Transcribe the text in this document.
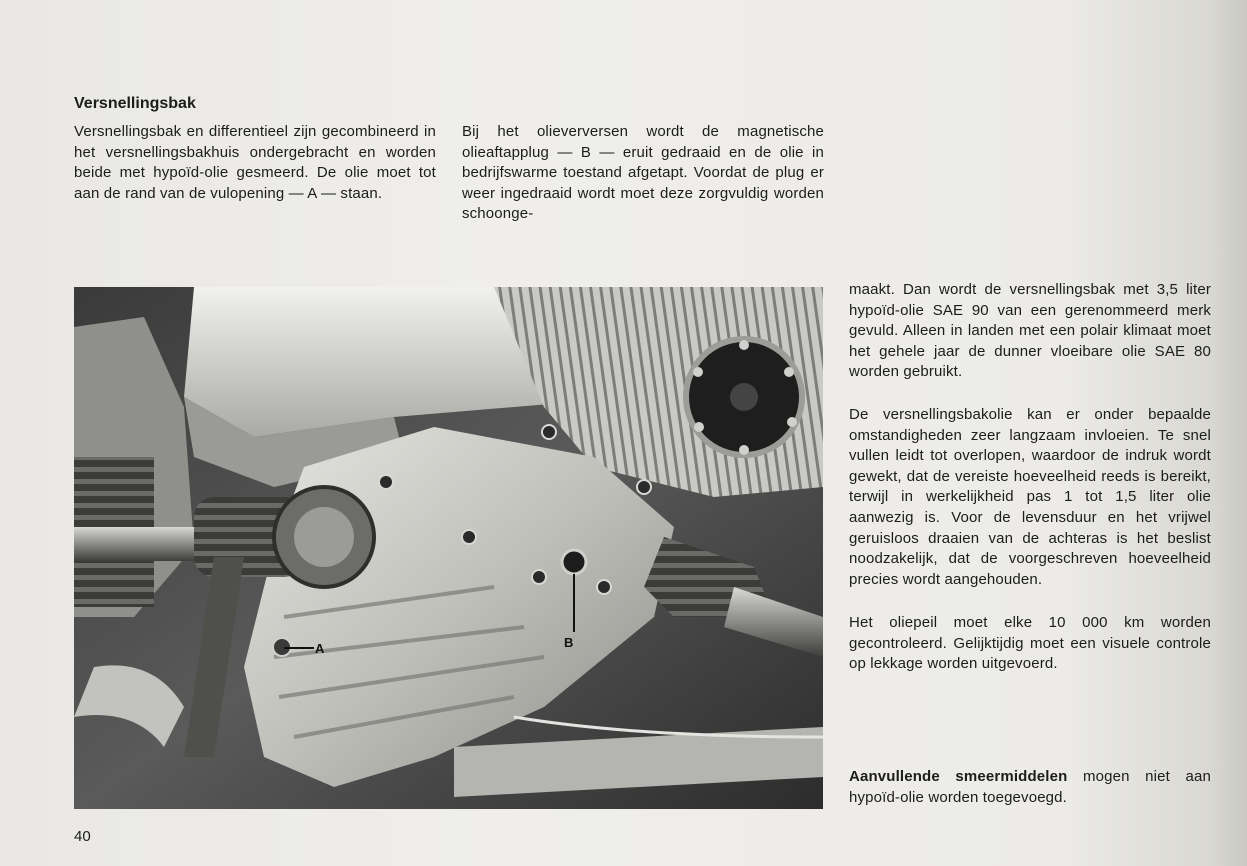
Versnellingsbak

Versnellingsbak en differentieel zijn gecombineerd in het versnellingsbakhuis ondergebracht en worden beide met hypoïd-olie gesmeerd. De olie moet tot aan de rand van de vulopening — A — staan.

Bij het olieverversen wordt de magnetische olieaftapplug — B — eruit gedraaid en de olie in bedrijfswarme toestand afgetapt. Voordat de plug er weer ingedraaid wordt moet deze zorgvuldig worden schoonge-

maakt. Dan wordt de versnellingsbak met 3,5 liter hypoïd-olie SAE 90 van een gerenommeerd merk gevuld. Alleen in landen met een polair klimaat moet het gehele jaar de dunner vloeibare olie SAE 80 worden gebruikt.

De versnellingsbakolie kan er onder bepaalde omstandigheden zeer langzaam invloeien. Te snel vullen leidt tot overlopen, waardoor de indruk wordt gewekt, dat de vereiste hoeveelheid reeds is bereikt, terwijl in werkelijkheid pas 1 tot 1,5 liter olie aanwezig is. Voor de levensduur en het vrijwel geruisloos draaien van de achteras is het beslist noodzakelijk, dat de voorgeschreven hoeveelheid precies wordt aangehouden.

Het oliepeil moet elke 10 000 km worden gecontroleerd. Gelijktijdig moet een visuele controle op lekkage worden uitgevoerd.

Aanvullende smeermiddelen mogen niet aan hypoïd-olie worden toegevoegd.

A	B
40
